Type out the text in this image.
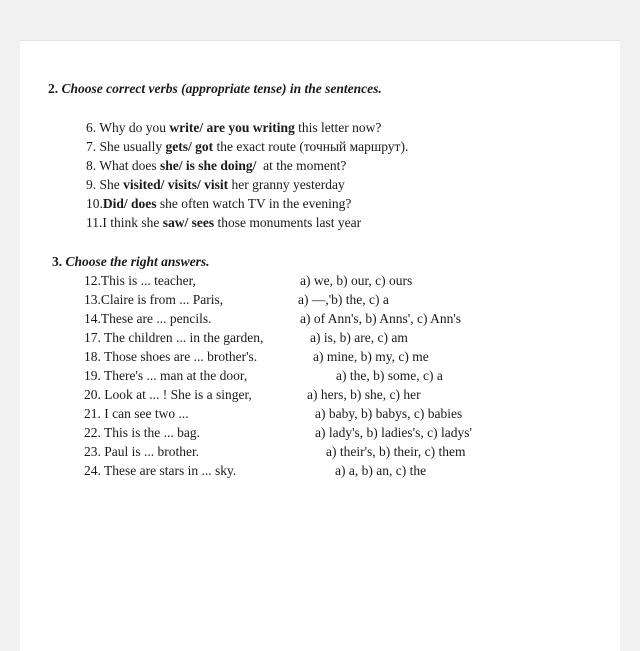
2. Choose correct verbs (appropriate tense) in the sentences.
6. Why do you write/ are you writing this letter now?
7. She usually gets/ got the exact route (точный маршрут).
8. What does she/ is she doing/  at the moment?
9. She visited/ visits/ visit her granny yesterday
10.Did/ does she often watch TV in the evening?
11.I think she saw/ sees those monuments last year
3. Choose the right answers.
12.This is ... teacher,
13.Claire is from ... Paris,
14.These are ... pencils.
17. The children ... in the garden,
18. Those shoes are ... brother's.
19. There's ... man at the door,
20. Look at ... ! She is a singer,
21. I can see two ...
22. This is the ... bag.
23. Paul is ... brother.
24. These are stars in ... sky.
a) we, b) our, c) ours
a) —,'b) the, c) a
a) of Ann's, b) Anns', c) Ann's
a) is, b) are, c) am
a) mine, b) my, c) me
a) the, b) some, c) a
a) hers, b) she, c) her
a) baby, b) babys, c) babies
a) lady's, b) ladies's, c) ladys'
a) their's, b) their, c) them
a) a, b) an, c) the
